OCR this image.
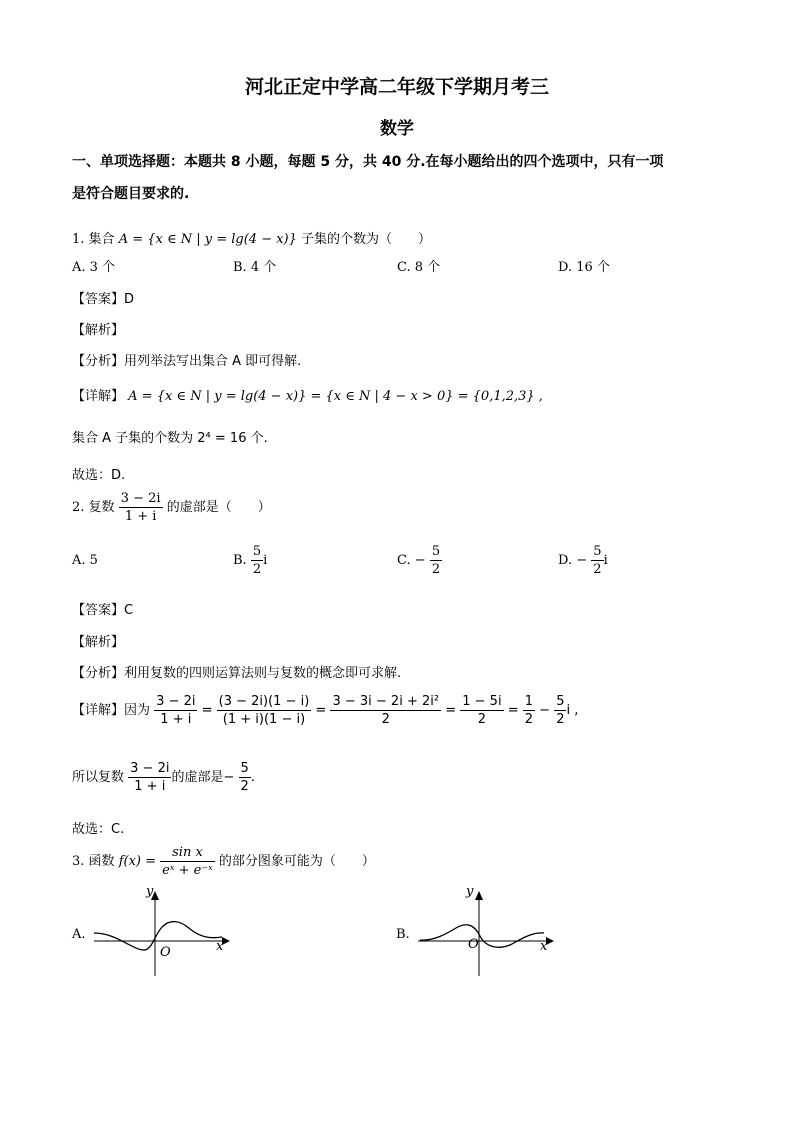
河北正定中学高二年级下学期月考三
数学
一、单项选择题：本题共 8 小题，每题 5 分，共 40 分.在每小题给出的四个选项中，只有一项
是符合题目要求的.
1. 集合 A = {x ∈ N | y = lg(4 − x)} 子集的个数为（　　）
A. 3 个	B. 4 个	C. 8 个	D. 16 个
【答案】D
【解析】
【分析】用列举法写出集合 A 即可得解.
【详解】 A = {x ∈ N | y = lg(4 − x)} = {x ∈ N | 4 − x > 0} = {0,1,2,3} ,
集合 A 子集的个数为 2⁴ = 16 个.
故选：D.
2. 复数 $\frac{3 - 2i}{1 + i}$ 的虚部是（　　）
A. 5	B. $\frac{5}{2}$ i	C. − $\frac{5}{2}$	D. − $\frac{5}{2}$ i
【答案】C
【解析】
【分析】利用复数的四则运算法则与复数的概念即可求解.
【详解】因为 $\frac{3 - 2i}{1 + i} = \frac{(3 - 2i)(1 - i)}{(1 + i)(1 - i)} = \frac{\text{3 − 3i − 2i + 2i²}}{2} = \frac{1 - 5i}{2} = \frac{1}{2} - \frac{5}{2}$ i ,
所以复数 $\frac{3 - 2i}{1 + i}$ 的虚部是− $\frac{5}{2}$ .
故选：C.
3. 函数 $f(x) = \frac{\text{sin x}}{\text{eˣ + e⁻ˣ}}$ 的部分图象可能为（　　）
A.
y
x
O
B.
y
x
O
